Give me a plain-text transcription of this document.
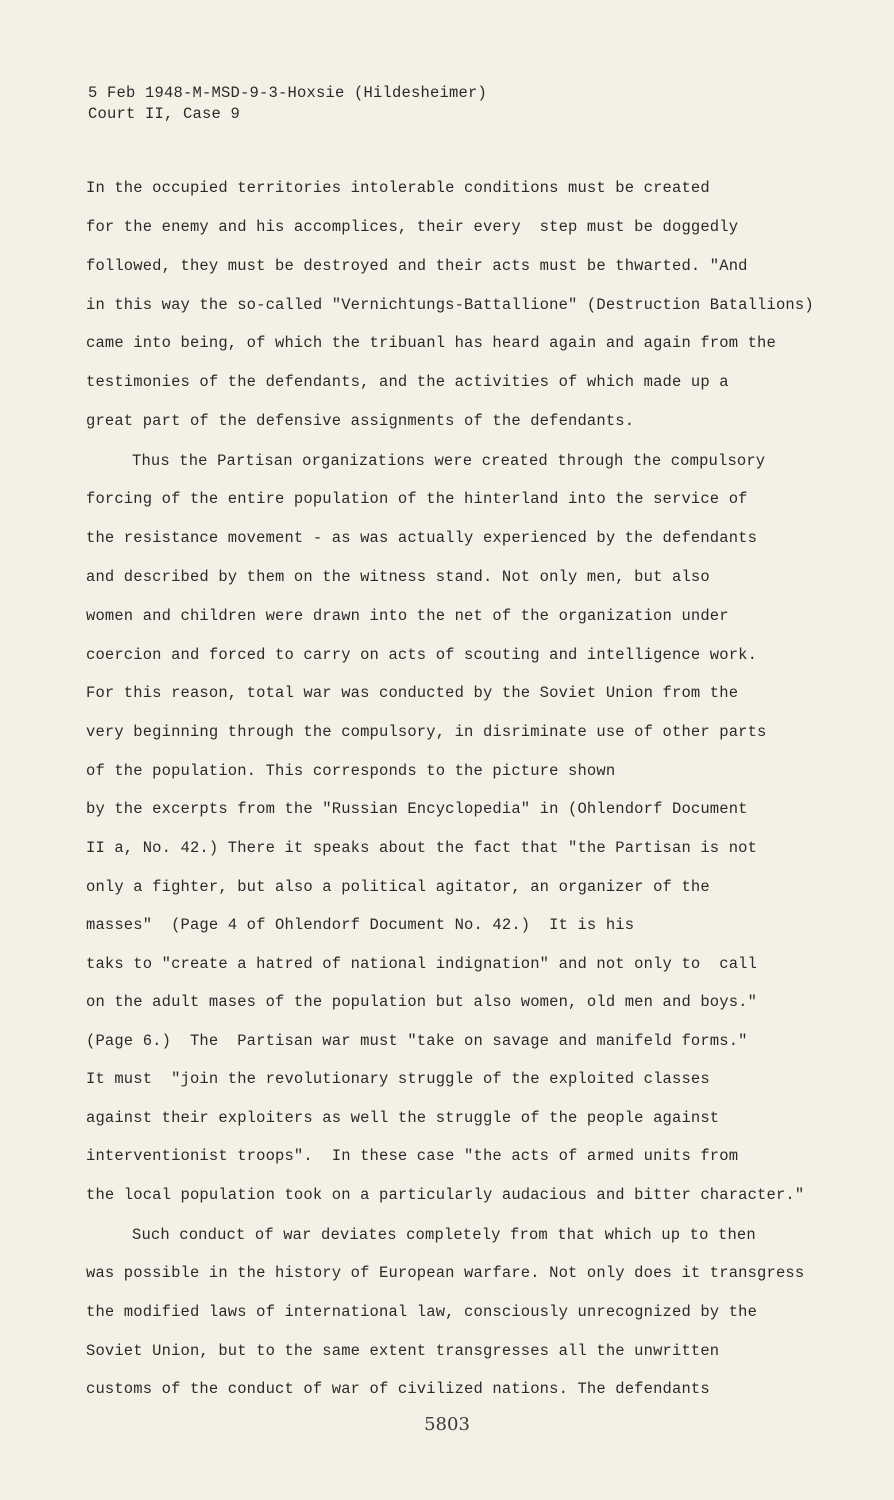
5 Feb 1948-M-MSD-9-3-Hoxsie (Hildesheimer)
Court II, Case 9
In the occupied territories intolerable conditions must be created
for the enemy and his accomplices, their every  step must be doggedly
followed, they must be destroyed and their acts must be thwarted. "And
in this way the so-called "Vernichtungs-Battallione" (Destruction Batallions)
came into being, of which the tribuanl has heard again and again from the
testimonies of the defendants, and the activities of which made up a
great part of the defensive assignments of the defendants.
Thus the Partisan organizations were created through the compulsory
forcing of the entire population of the hinterland into the service of
the resistance movement - as was actually experienced by the defendants
and described by them on the witness stand. Not only men, but also
women and children were drawn into the net of the organization under
coercion and forced to carry on acts of scouting and intelligence work.
For this reason, total war was conducted by the Soviet Union from the
very beginning through the compulsory, in disriminate use of other parts
of the population. This corresponds to the picture shown
by the excerpts from the "Russian Encyclopedia" in (Ohlendorf Document
II a, No. 42.) There it speaks about the fact that "the Partisan is not
only a fighter, but also a political agitator, an organizer of the
masses"  (Page 4 of Ohlendorf Document No. 42.)  It is his
taks to "create a hatred of national indignation" and not only to  call
on the adult mases of the population but also women, old men and boys."
(Page 6.)  The  Partisan war must "take on savage and manifeld forms."
It must  "join the revolutionary struggle of the exploited classes
against their exploiters as well the struggle of the people against
interventionist troops".  In these case "the acts of armed units from
the local population took on a particularly audacious and bitter character."
Such conduct of war deviates completely from that which up to then
was possible in the history of European warfare. Not only does it transgress
the modified laws of international law, consciously unrecognized by the
Soviet Union, but to the same extent transgresses all the unwritten
customs of the conduct of war of civilized nations. The defendants
5803
